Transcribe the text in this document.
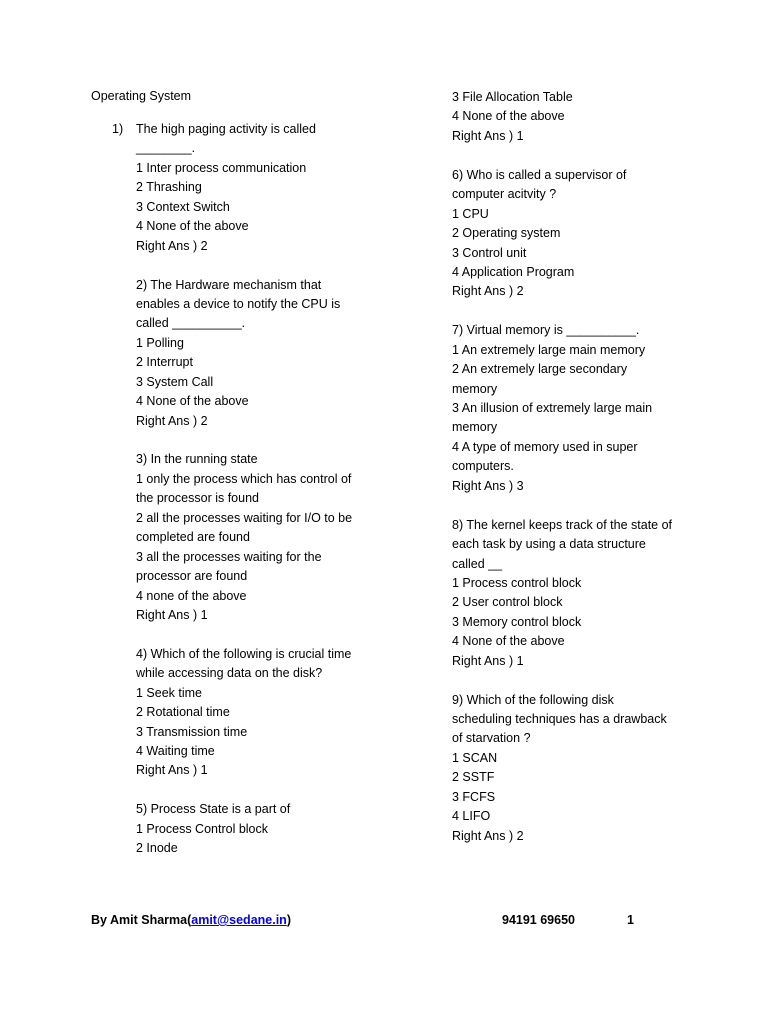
Operating System
1) The high paging activity is called
________.
1 Inter process communication
2 Thrashing
3 Context Switch
4 None of the above
Right Ans ) 2
2) The Hardware mechanism that
enables a device to notify the CPU is
called __________.
1 Polling
2 Interrupt
3 System Call
4 None of the above
Right Ans ) 2
3) In the running state
1 only the process which has control of
the processor is found
2 all the processes waiting for I/O to be
completed are found
3 all the processes waiting for the
processor are found
4 none of the above
Right Ans ) 1
4) Which of the following is crucial time
while accessing data on the disk?
1 Seek time
2 Rotational time
3 Transmission time
4 Waiting time
Right Ans ) 1
5) Process State is a part of
1 Process Control block
2 Inode
3 File Allocation Table
4 None of the above
Right Ans ) 1
6) Who is called a supervisor of
computer acitvity ?
1 CPU
2 Operating system
3 Control unit
4 Application Program
Right Ans ) 2
7) Virtual memory is __________.
1 An extremely large main memory
2 An extremely large secondary
memory
3 An illusion of extremely large main
memory
4 A type of memory used in super
computers.
Right Ans ) 3
8) The kernel keeps track of the state of
each task by using a data structure
called __
1 Process control block
2 User control block
3 Memory control block
4 None of the above
Right Ans ) 1
9) Which of the following disk
scheduling techniques has a drawback
of starvation ?
1 SCAN
2 SSTF
3 FCFS
4 LIFO
Right Ans ) 2
By Amit Sharma(amit@sedane.in)	94191 69650	1
